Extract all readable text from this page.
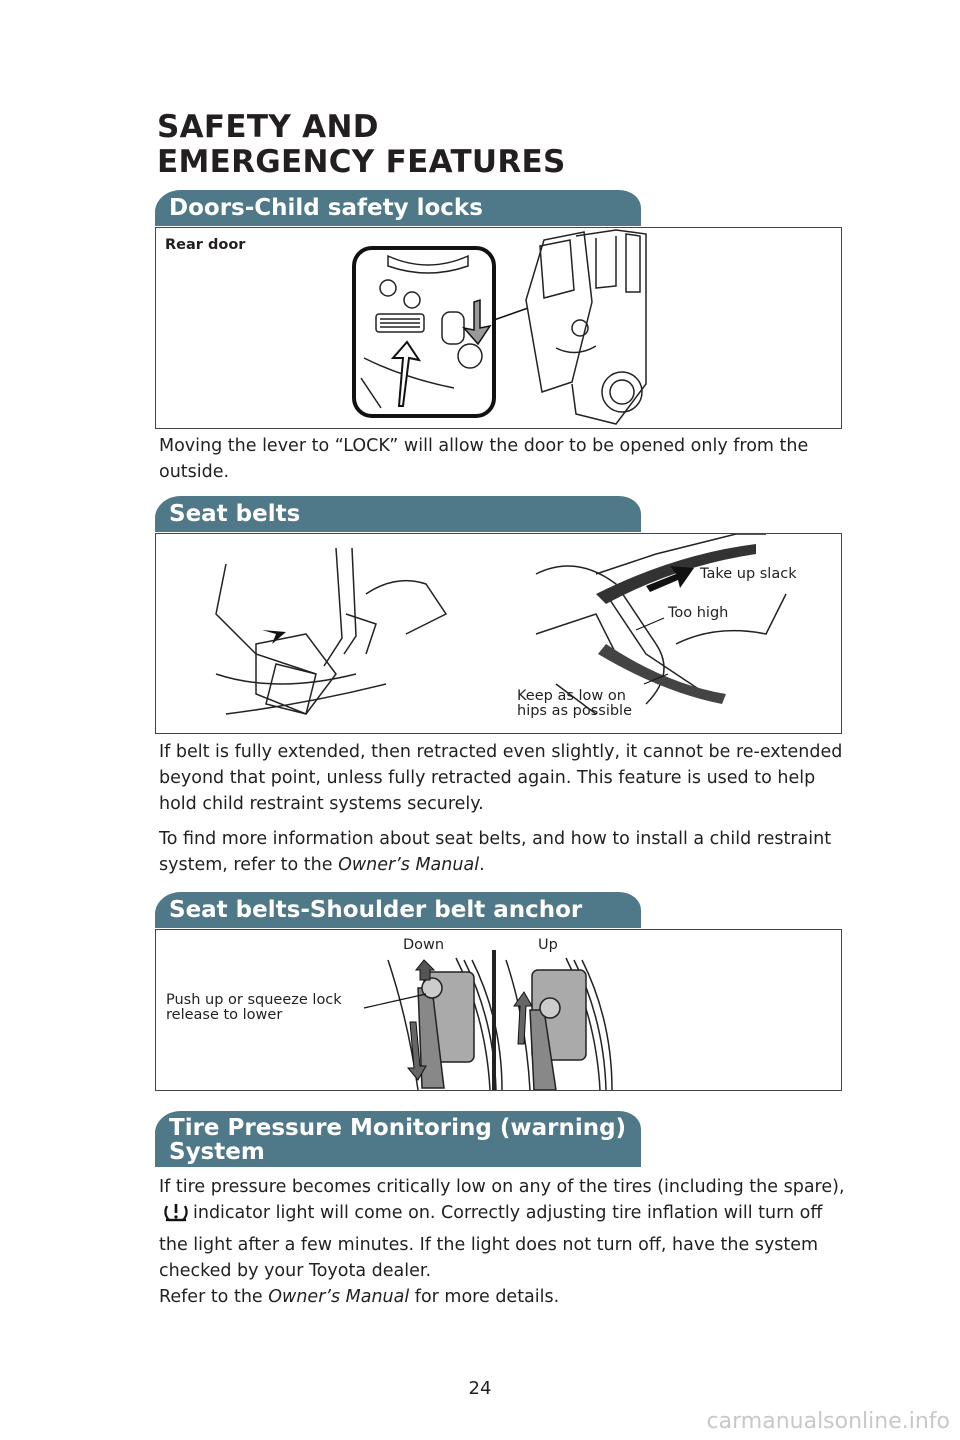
SAFETY AND
EMERGENCY FEATURES
Doors-Child safety locks
Rear door

Moving the lever to “LOCK” will allow the door to be opened only from the outside.

Seat belts
Take up slack
Too high
Keep as low on
hips as possible

If belt is fully extended, then retracted even slightly, it cannot be re-extended beyond that point, unless fully retracted again. This feature is used to help hold child restraint systems securely.

To find more information about seat belts, and how to install a child restraint system, refer to the Owner’s Manual.

Seat belts-Shoulder belt anchor
Down	Up
Push up or squeeze lock
release to lower
Tire Pressure Monitoring (warning)
System

If tire pressure becomes critically low on any of the tires (including the spare),indicator light will come on. Correctly adjusting tire inflation will turn off the light after a few minutes. If the light does not turn off, have the system checked by your Toyota dealer.

Refer to the Owner’s Manual for more details.

24
carmanualsonline.info
